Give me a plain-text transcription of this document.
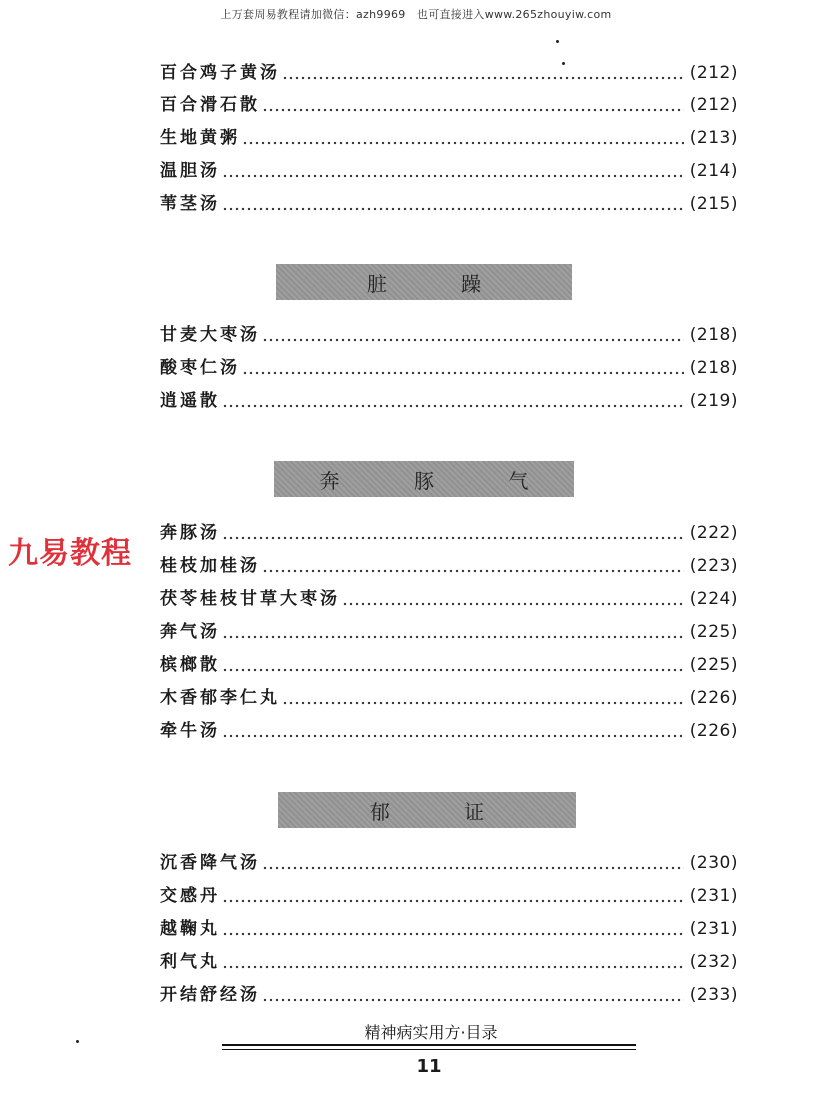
上万套周易教程请加微信：azh9969　也可直接进入www.265zhouyiw.com
九易教程
百合鸡子黄汤	(212)
百合滑石散	(212)
生地黄粥	(213)
温胆汤	(214)
苇茎汤	(215)
脏 躁
甘麦大枣汤	(218)
酸枣仁汤	(218)
逍遥散	(219)
奔 豚 气
奔豚汤	(222)
桂枝加桂汤	(223)
茯苓桂枝甘草大枣汤	(224)
奔气汤	(225)
槟榔散	(225)
木香郁李仁丸	(226)
牵牛汤	(226)
郁 证
沉香降气汤	(230)
交感丹	(231)
越鞠丸	(231)
利气丸	(232)
开结舒经汤	(233)
精神病实用方·目录
11
